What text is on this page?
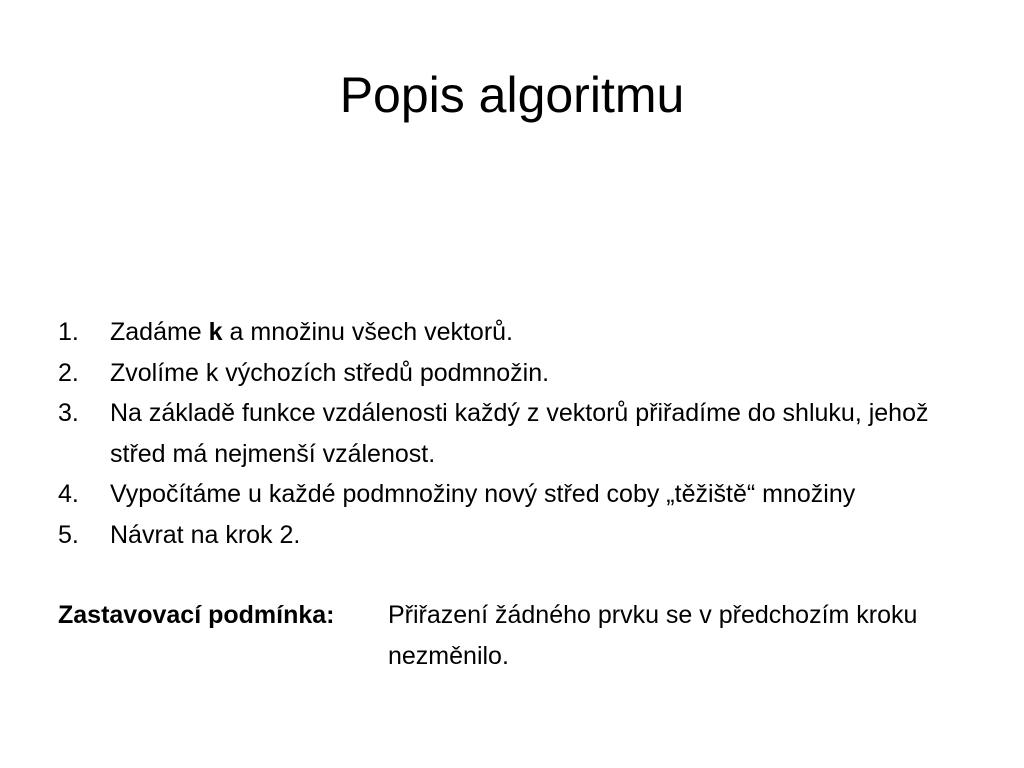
Popis algoritmu
1.	Zadáme k a množinu všech vektorů.
2.	Zvolíme k výchozích středů podmnožin.
3.	Na základě funkce vzdálenosti každý z vektorů přiřadíme do shluku, jehož střed má nejmenší vzálenost.
4.	Vypočítáme u každé podmnožiny nový střed coby „těžiště“ množiny
5.	Návrat na krok 2.

Zastavovací podmínka: Přiřazení žádného prvku se v předchozím kroku nezměnilo.
